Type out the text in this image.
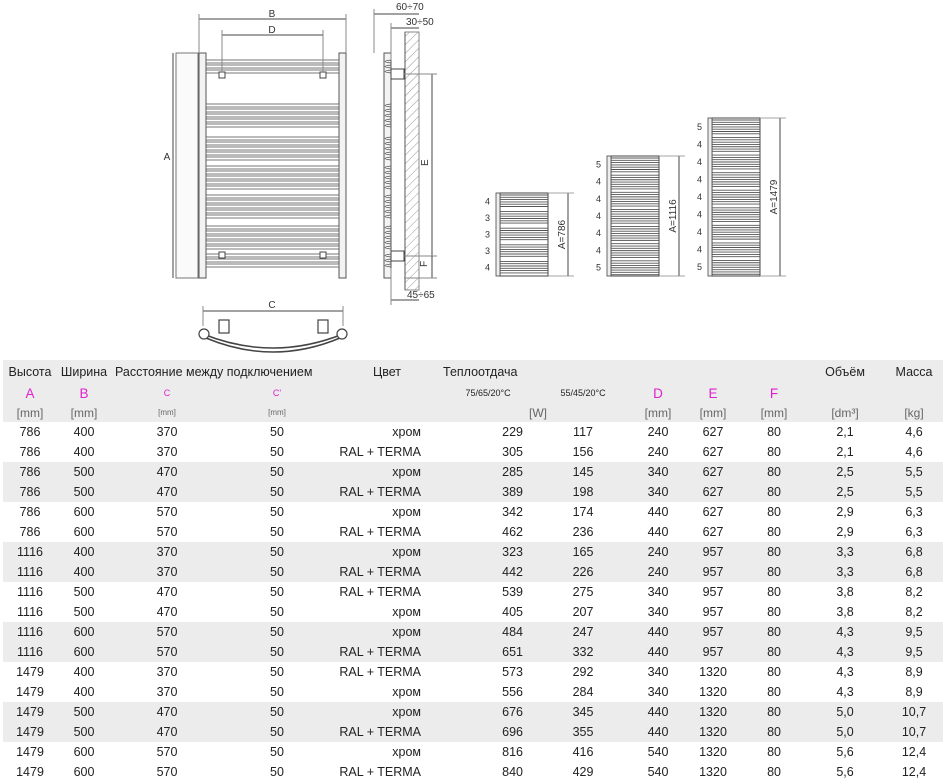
B
D
A
C
60÷70
30÷50
45÷65
E
F
4
3
3
3
4
A=786
5
4
4
4
4
4
5
A=1116
5
4
4
4
4
4
4
4
5
A=1479
Высота	Ширина	Расстояние между подключением		Цвет	Теплоотдача					Объём	Масса
A	B	C	C'		75/65/20°C	55/45/20°C	D	E	F		
[mm]	[mm]	[mm]	[mm]		[W]		[mm]	[mm]	[mm]	[dm³]	[kg]
786	400	370	50	хром	229	117	240	627	80	2,1	4,6
786	400	370	50	RAL + TERMA	305	156	240	627	80	2,1	4,6
786	500	470	50	хром	285	145	340	627	80	2,5	5,5
786	500	470	50	RAL + TERMA	389	198	340	627	80	2,5	5,5
786	600	570	50	хром	342	174	440	627	80	2,9	6,3
786	600	570	50	RAL + TERMA	462	236	440	627	80	2,9	6,3
1116	400	370	50	хром	323	165	240	957	80	3,3	6,8
1116	400	370	50	RAL + TERMA	442	226	240	957	80	3,3	6,8
1116	500	470	50	RAL + TERMA	539	275	340	957	80	3,8	8,2
1116	500	470	50	хром	405	207	340	957	80	3,8	8,2
1116	600	570	50	хром	484	247	440	957	80	4,3	9,5
1116	600	570	50	RAL + TERMA	651	332	440	957	80	4,3	9,5
1479	400	370	50	RAL + TERMA	573	292	340	1320	80	4,3	8,9
1479	400	370	50	хром	556	284	340	1320	80	4,3	8,9
1479	500	470	50	хром	676	345	440	1320	80	5,0	10,7
1479	500	470	50	RAL + TERMA	696	355	440	1320	80	5,0	10,7
1479	600	570	50	хром	816	416	540	1320	80	5,6	12,4
1479	600	570	50	RAL + TERMA	840	429	540	1320	80	5,6	12,4
